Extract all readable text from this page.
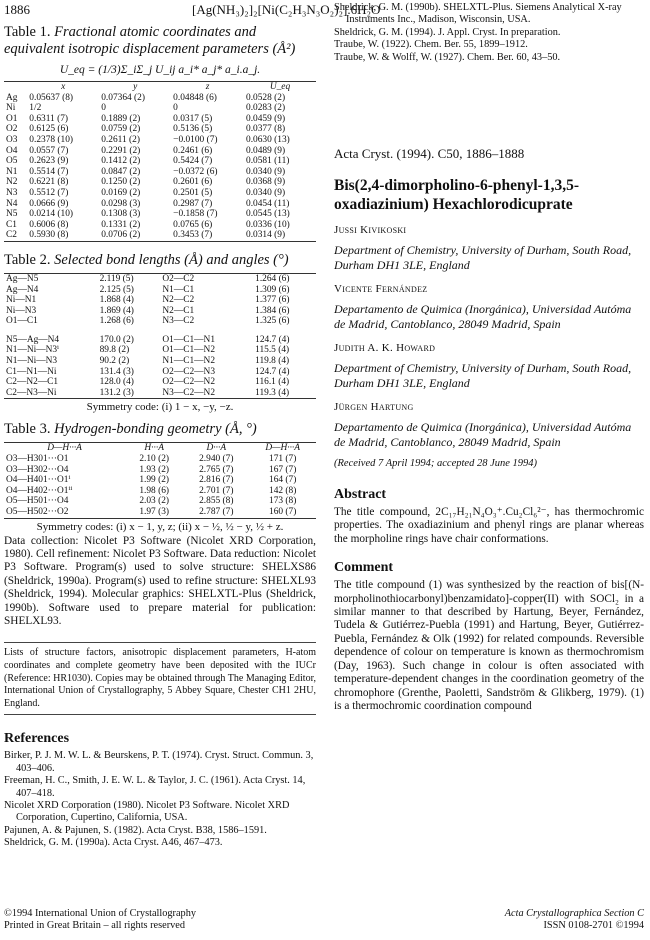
1886	[Ag(NH₃)₂]₂[Ni(C₂H₃N₃O₂)₂].6H₂O
Table 1. Fractional atomic coordinates and equivalent isotropic displacement parameters (Å²)
U_eq = (1/3)Σ_iΣ_j U_ij a_i* a_j* a_i.a_j.
	x	y	z	U_eq
Ag	0.05637 (8)	0.07364 (2)	0.04848 (6)	0.0528 (2)
Ni	1/2	0	0	0.0283 (2)
O1	0.6311 (7)	0.1889 (2)	0.0317 (5)	0.0459 (9)
O2	0.6125 (6)	0.0759 (2)	0.5136 (5)	0.0377 (8)
O3	0.2378 (10)	0.2611 (2)	−0.0100 (7)	0.0630 (13)
O4	0.0557 (7)	0.2291 (2)	0.2461 (6)	0.0489 (9)
O5	0.2623 (9)	0.1412 (2)	0.5424 (7)	0.0581 (11)
N1	0.5514 (7)	0.0847 (2)	−0.0372 (6)	0.0340 (9)
N2	0.6221 (8)	0.1250 (2)	0.2601 (6)	0.0368 (9)
N3	0.5512 (7)	0.0169 (2)	0.2501 (5)	0.0340 (9)
N4	0.0666 (9)	0.0298 (3)	0.2987 (7)	0.0454 (11)
N5	0.0214 (10)	0.1308 (3)	−0.1858 (7)	0.0545 (13)
C1	0.6006 (8)	0.1331 (2)	0.0765 (6)	0.0336 (10)
C2	0.5930 (8)	0.0706 (2)	0.3453 (7)	0.0314 (9)
Table 2. Selected bond lengths (Å) and angles (°)
Ag—N5	2.119 (5)	O2—C2	1.264 (6)
Ag—N4	2.125 (5)	N1—C1	1.309 (6)
Ni—N1	1.868 (4)	N2—C2	1.377 (6)
Ni—N3	1.869 (4)	N2—C1	1.384 (6)
O1—C1	1.268 (6)	N3—C2	1.325 (6)

N5—Ag—N4	170.0 (2)	O1—C1—N1	124.7 (4)
N1—Ni—N3ⁱ	89.8 (2)	O1—C1—N2	115.5 (4)
N1—Ni—N3	90.2 (2)	N1—C1—N2	119.8 (4)
C1—N1—Ni	131.4 (3)	O2—C2—N3	124.7 (4)
C2—N2—C1	128.0 (4)	O2—C2—N2	116.1 (4)
C2—N3—Ni	131.2 (3)	N3—C2—N2	119.3 (4)
Symmetry code: (i) 1 − x, −y, −z.
Table 3. Hydrogen-bonding geometry (Å, °)
D—H···A	H···A	D···A	D—H···A
O3—H301···O1	2.10 (2)	2.940 (7)	171 (7)
O3—H302···O4	1.93 (2)	2.765 (7)	167 (7)
O4—H401···O1ⁱ	1.99 (2)	2.816 (7)	164 (7)
O4—H402···O1ⁱⁱ	1.98 (6)	2.701 (7)	142 (8)
O5—H501···O4	2.03 (2)	2.855 (8)	173 (8)
O5—H502···O2	1.97 (3)	2.787 (7)	160 (7)
Symmetry codes: (i) x − 1, y, z; (ii) x − ½, ½ − y, ½ + z.
Data collection: Nicolet P3 Software (Nicolet XRD Corporation, 1980). Cell refinement: Nicolet P3 Software. Data reduction: Nicolet P3 Software. Program(s) used to solve structure: SHELXS86 (Sheldrick, 1990a). Program(s) used to refine structure: SHELXL93 (Sheldrick, 1994). Molecular graphics: SHELXTL-Plus (Sheldrick, 1990b). Software used to prepare material for publication: SHELXL93.
Lists of structure factors, anisotropic displacement parameters, H-atom coordinates and complete geometry have been deposited with the IUCr (Reference: HR1030). Copies may be obtained through The Managing Editor, International Union of Crystallography, 5 Abbey Square, Chester CH1 2HU, England.
References
Birker, P. J. M. W. L. & Beurskens, P. T. (1974). Cryst. Struct. Commun. 3, 403–406.
Freeman, H. C., Smith, J. E. W. L. & Taylor, J. C. (1961). Acta Cryst. 14, 407–418.
Nicolet XRD Corporation (1980). Nicolet P3 Software. Nicolet XRD Corporation, Cupertino, California, USA.
Pajunen, A. & Pajunen, S. (1982). Acta Cryst. B38, 1586–1591.
Sheldrick, G. M. (1990a). Acta Cryst. A46, 467–473.
Sheldrick, G. M. (1990b). SHELXTL-Plus. Siemens Analytical X-ray Instruments Inc., Madison, Wisconsin, USA.
Sheldrick, G. M. (1994). J. Appl. Cryst. In preparation.
Traube, W. (1922). Chem. Ber. 55, 1899–1912.
Traube, W. & Wolff, W. (1927). Chem. Ber. 60, 43–50.
Acta Cryst. (1994). C50, 1886–1888
Bis(2,4-dimorpholino-6-phenyl-1,3,5-oxadiazinium) Hexachlorodicuprate
Jussi Kivikoski
Department of Chemistry, University of Durham, South Road, Durham DH1 3LE, England
Vicente Fernández
Departamento de Quimica (Inorgánica), Universidad Autóma de Madrid, Cantoblanco, 28049 Madrid, Spain
Judith A. K. Howard
Department of Chemistry, University of Durham, South Road, Durham DH1 3LE, England
Jürgen Hartung
Departamento de Quimica (Inorgánica), Universidad Autóma de Madrid, Cantoblanco, 28049 Madrid, Spain
(Received 7 April 1994; accepted 28 June 1994)
Abstract
The title compound, 2C₁₇H₂₁N₄O₃⁺.Cu₂Cl₆²⁻, has thermochromic properties. The oxadiazinium and phenyl rings are planar whereas the morpholine rings have chair conformations.
Comment
The title compound (1) was synthesized by the reaction of bis[(N-morpholinothiocarbonyl)benzamidato]-copper(II) with SOCl₂ in a similar manner to that described by Hartung, Beyer, Fernández, Tudela & Gutiérrez-Puebla (1991) and Hartung, Beyer, Gutiérrez-Puebla, Fernández & Olk (1992) for related compounds. Reversible dependence of colour on temperature is known as thermochromism (Day, 1963). Such change in colour is often associated with temperature-dependent changes in the coordination geometry of the chromophore (Grenthe, Paoletti, Sandström & Glikberg, 1979). (1) is a thermochromic coordination compound
©1994 International Union of Crystallography
Printed in Great Britain – all rights reserved
Acta Crystallographica Section C
ISSN 0108-2701 ©1994
